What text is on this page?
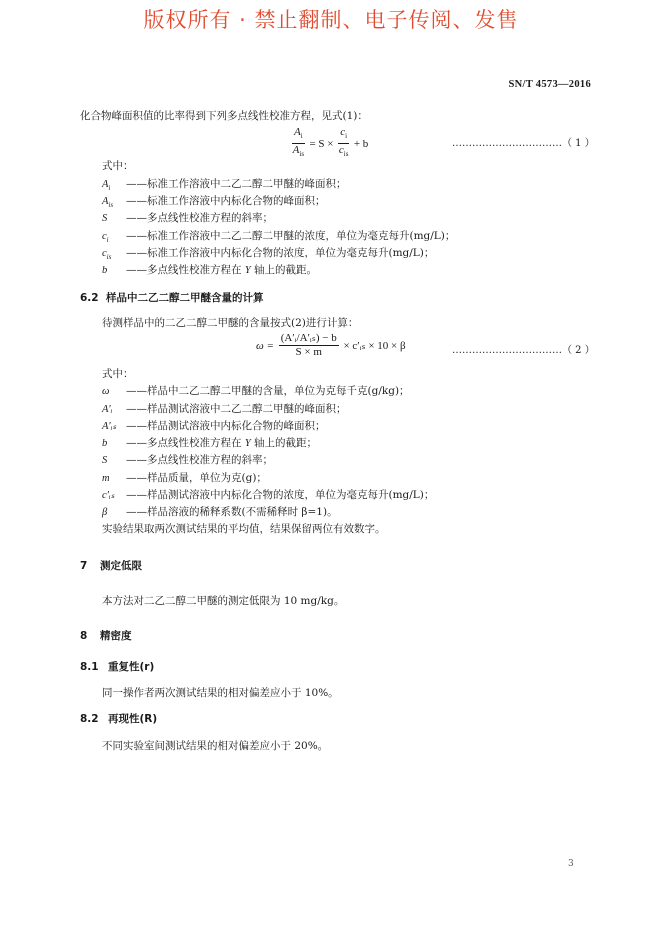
版权所有 · 禁止翻制、电子传阅、发售
SN/T 4573—2016
化合物峰面积值的比率得到下列多点线性校准方程，见式(1)：
$\frac{A_i}{A_{is}} = S \times \frac{c_i}{c_{is}} + b$	……………………………（ 1 ）
式中：
$A_i$ ——标准工作溶液中二乙二醇二甲醚的峰面积；
$A_{is}$ ——标准工作溶液中内标化合物的峰面积；
S ——多点线性校准方程的斜率；
$c_i$ ——标准工作溶液中二乙二醇二甲醚的浓度，单位为毫克每升(mg/L)；
$c_{is}$ ——标准工作溶液中内标化合物的浓度，单位为毫克每升(mg/L)；
b ——多点线性校准方程在 Y 轴上的截距。
6.2 样品中二乙二醇二甲醚含量的计算
待测样品中的二乙二醇二甲醚的含量按式(2)进行计算：
$\omega = \frac{\text{(A′ᵢ/A′ᵢₛ) − b}}{S \times m}$ × c′ᵢₛ × 10 × β	……………………………（ 2 ）
式中：
ω ——样品中二乙二醇二甲醚的含量，单位为克每千克(g/kg)；
A′ᵢ ——样品测试溶液中二乙二醇二甲醚的峰面积；
A′ᵢₛ ——样品测试溶液中内标化合物的峰面积；
b ——多点线性校准方程在 Y 轴上的截距；
S ——多点线性校准方程的斜率；
m ——样品质量，单位为克(g)；
c′ᵢₛ ——样品测试溶液中内标化合物的浓度，单位为毫克每升(mg/L)；
β ——样品溶液的稀释系数(不需稀释时 β=1)。
实验结果取两次测试结果的平均值，结果保留两位有效数字。
7 测定低限
本方法对二乙二醇二甲醚的测定低限为 10 mg/kg。
8 精密度
8.1 重复性(r)
同一操作者两次测试结果的相对偏差应小于 10%。
8.2 再现性(R)
不同实验室间测试结果的相对偏差应小于 20%。
3
